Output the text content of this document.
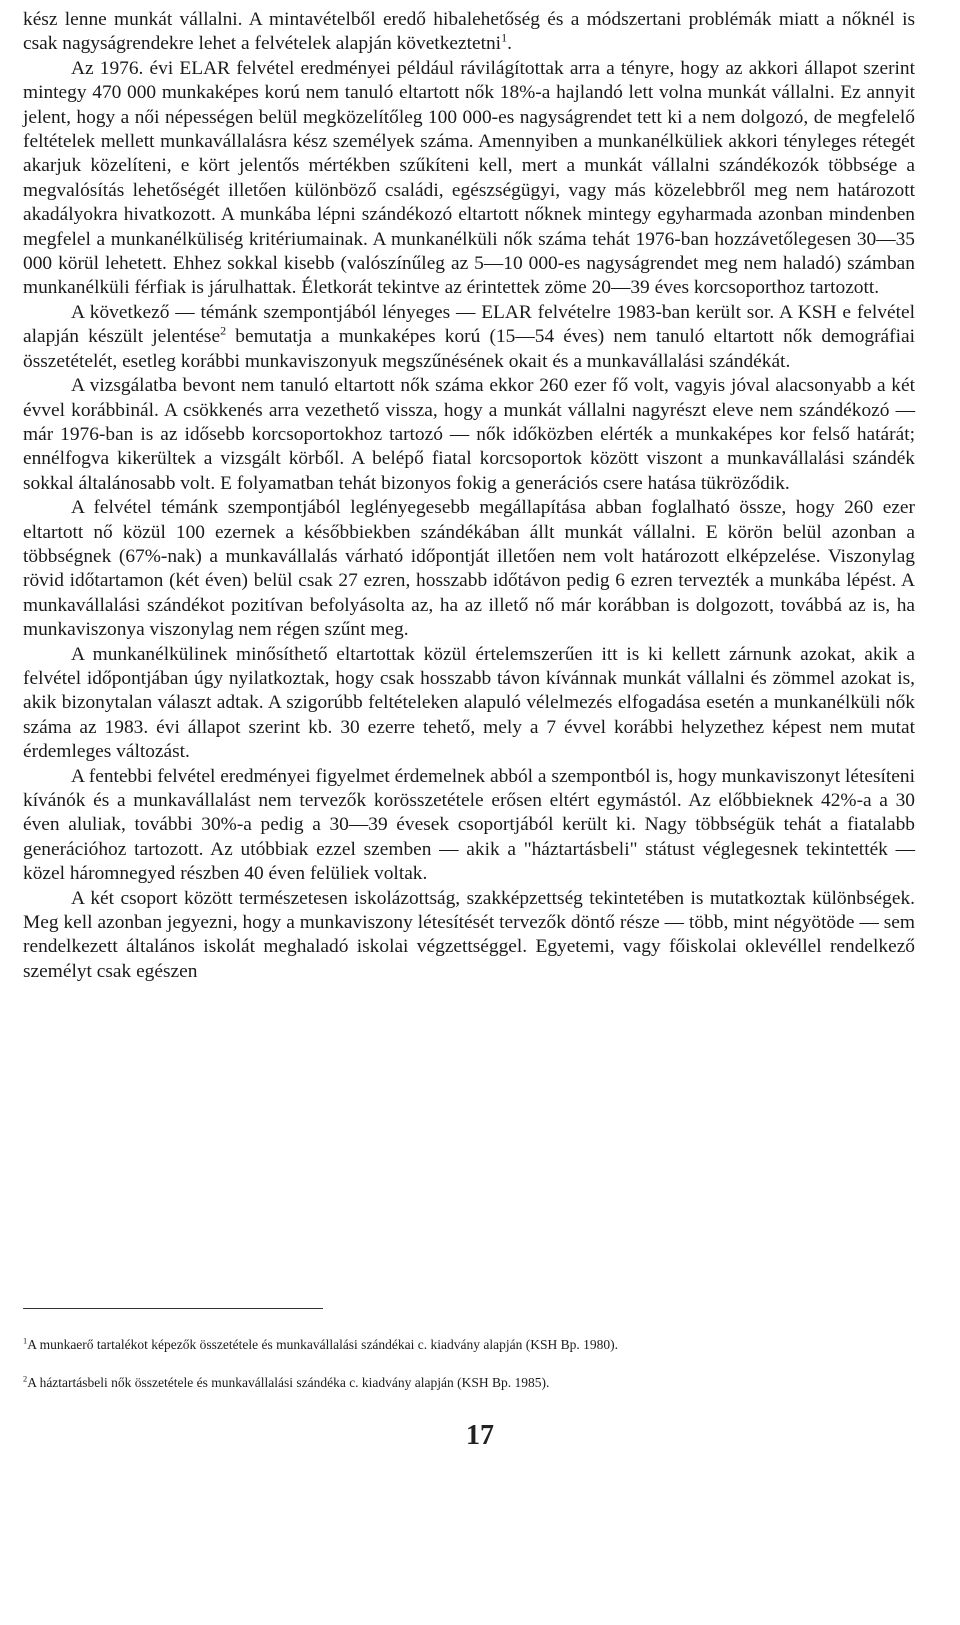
kész lenne munkát vállalni. A mintavételből eredő hibalehetőség és a módszertani problémák miatt a nőknél is csak nagyságrendekre lehet a felvételek alapján következtetni$^1$.

Az 1976. évi ELAR felvétel eredményei például rávilágítottak arra a tényre, hogy az akkori állapot szerint mintegy 470 000 munkaképes korú nem tanuló eltartott nők 18%-a hajlandó lett volna munkát vállalni. Ez annyit jelent, hogy a női népességen belül megközelítőleg 100 000-es nagyságrendet tett ki a nem dolgozó, de megfelelő feltételek mellett munkavállalásra kész személyek száma. Amennyiben a munkanélküliek akkori tényleges rétegét akarjuk közelíteni, e kört jelentős mértékben szűkíteni kell, mert a munkát vállalni szándékozók többsége a megvalósítás lehetőségét illetően különböző családi, egészségügyi, vagy más közelebbről meg nem határozott akadályokra hivatkozott. A munkába lépni szándékozó eltartott nőknek mintegy egyharmada azonban mindenben megfelel a munkanélküliség kritériumainak. A munkanélküli nők száma tehát 1976-ban hozzávetőlegesen 30—35 000 körül lehetett. Ehhez sokkal kisebb (valószínűleg az 5—10 000-es nagyságrendet meg nem haladó) számban munkanélküli férfiak is járulhattak. Életkorát tekintve az érintettek zöme 20—39 éves korcsoporthoz tartozott.

A következő — témánk szempontjából lényeges — ELAR felvételre 1983-ban került sor. A KSH e felvétel alapján készült jelentése$^2$ bemutatja a munkaképes korú (15—54 éves) nem tanuló eltartott nők demográfiai összetételét, esetleg korábbi munkaviszonyuk megszűnésének okait és a munkavállalási szándékát.

A vizsgálatba bevont nem tanuló eltartott nők száma ekkor 260 ezer fő volt, vagyis jóval alacsonyabb a két évvel korábbinál. A csökkenés arra vezethető vissza, hogy a munkát vállalni nagyrészt eleve nem szándékozó — már 1976-ban is az idősebb korcsoportokhoz tartozó — nők időközben elérték a munkaképes kor felső határát; ennélfogva kikerültek a vizsgált körből. A belépő fiatal korcsoportok között viszont a munkavállalási szándék sokkal általánosabb volt. E folyamatban tehát bizonyos fokig a generációs csere hatása tükröződik.

A felvétel témánk szempontjából leglényegesebb megállapítása abban foglalható össze, hogy 260 ezer eltartott nő közül 100 ezernek a későbbiekben szándékában állt munkát vállalni. E körön belül azonban a többségnek (67%-nak) a munkavállalás várható időpontját illetően nem volt határozott elképzelése. Viszonylag rövid időtartamon (két éven) belül csak 27 ezren, hosszabb időtávon pedig 6 ezren tervezték a munkába lépést. A munkavállalási szándékot pozitívan befolyásolta az, ha az illető nő már korábban is dolgozott, továbbá az is, ha munkaviszonya viszonylag nem régen szűnt meg.

A munkanélkülinek minősíthető eltartottak közül értelemszerűen itt is ki kellett zárnunk azokat, akik a felvétel időpontjában úgy nyilatkoztak, hogy csak hosszabb távon kívánnak munkát vállalni és zömmel azokat is, akik bizonytalan választ adtak. A szigorúbb feltételeken alapuló vélelmezés elfogadása esetén a munkanélküli nők száma az 1983. évi állapot szerint kb. 30 ezerre tehető, mely a 7 évvel korábbi helyzethez képest nem mutat érdemleges változást.

A fentebbi felvétel eredményei figyelmet érdemelnek abból a szempontból is, hogy munkaviszonyt létesíteni kívánók és a munkavállalást nem tervezők korösszetétele erősen eltért egymástól. Az előbbieknek 42%-a a 30 éven aluliak, további 30%-a pedig a 30—39 évesek csoportjából került ki. Nagy többségük tehát a fiatalabb generációhoz tartozott. Az utóbbiak ezzel szemben — akik a "háztartásbeli" státust véglegesnek tekintették — közel háromnegyed részben 40 éven felüliek voltak.

A két csoport között természetesen iskolázottság, szakképzettség tekintetében is mutatkoztak különbségek. Meg kell azonban jegyezni, hogy a munkaviszony létesítését tervezők döntő része — több, mint négyötöde — sem rendelkezett általános iskolát meghaladó iskolai végzettséggel. Egyetemi, vagy főiskolai oklevéllel rendelkező személyt csak egészen

$^1$A munkaerő tartalékot képezők összetétele és munkavállalási szándékai c. kiadvány alapján (KSH Bp. 1980).
$^2$A háztartásbeli nők összetétele és munkavállalási szándéka c. kiadvány alapján (KSH Bp. 1985).
17
